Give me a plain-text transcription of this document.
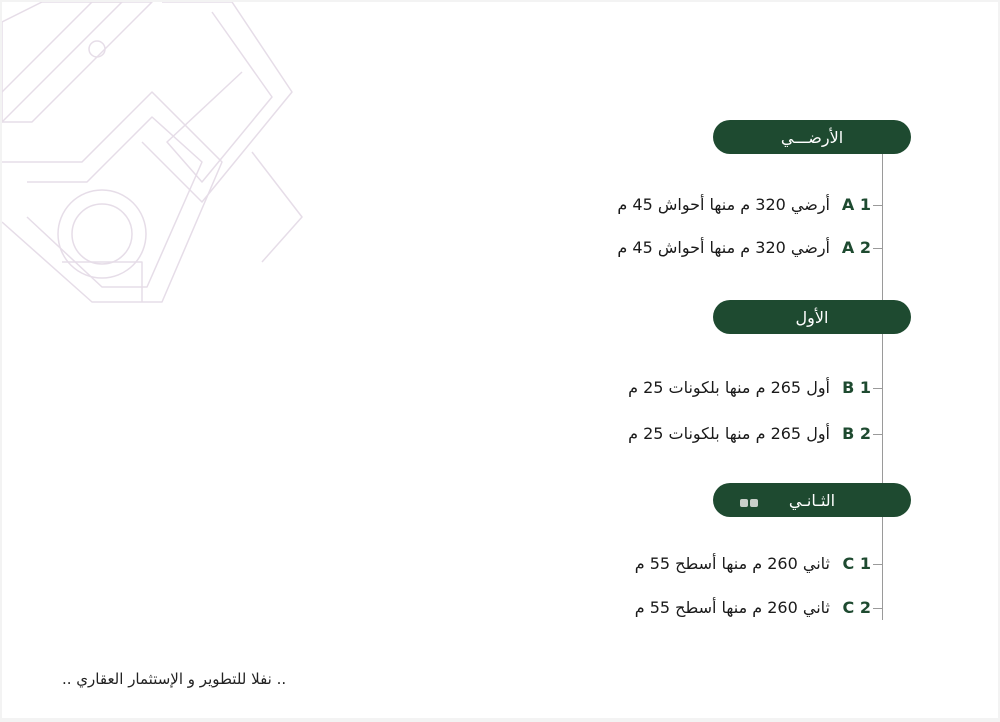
الأرضـــي
أرضي 320 م منها أحواش 45 م A 1
أرضي 320 م منها أحواش 45 م A 2
الأول
أول 265 م منها بلكونات 25 م B 1
أول 265 م منها بلكونات 25 م B 2
الثـانـي
ثاني 260 م منها أسطح 55 م C 1
ثاني 260 م منها أسطح 55 م C 2
.. نفلا للتطوير و الإستثمار العقاري ..
